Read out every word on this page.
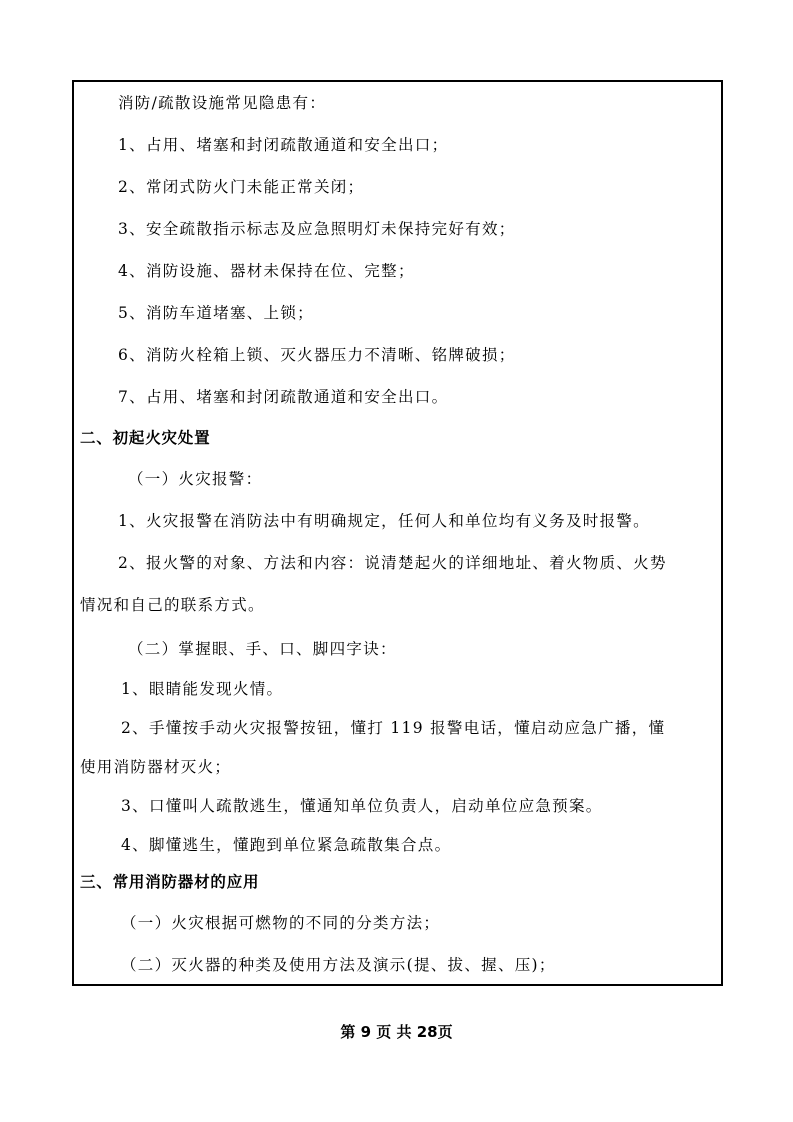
消防/疏散设施常见隐患有：
1、占用、堵塞和封闭疏散通道和安全出口；
2、常闭式防火门未能正常关闭；
3、安全疏散指示标志及应急照明灯未保持完好有效；
4、消防设施、器材未保持在位、完整；
5、消防车道堵塞、上锁；
6、消防火栓箱上锁、灭火器压力不清晰、铭牌破损；
7、占用、堵塞和封闭疏散通道和安全出口。
二、初起火灾处置
（一）火灾报警：
1、火灾报警在消防法中有明确规定，任何人和单位均有义务及时报警。
2、报火警的对象、方法和内容：说清楚起火的详细地址、着火物质、火势
情况和自己的联系方式。
（二）掌握眼、手、口、脚四字诀：
1、眼睛能发现火情。
2、手懂按手动火灾报警按钮，懂打 119 报警电话，懂启动应急广播，懂
使用消防器材灭火；
3、口懂叫人疏散逃生，懂通知单位负责人，启动单位应急预案。
4、脚懂逃生，懂跑到单位紧急疏散集合点。
三、常用消防器材的应用
（一）火灾根据可燃物的不同的分类方法；
（二）灭火器的种类及使用方法及演示(提、拔、握、压)；
第 9 页 共 28页
